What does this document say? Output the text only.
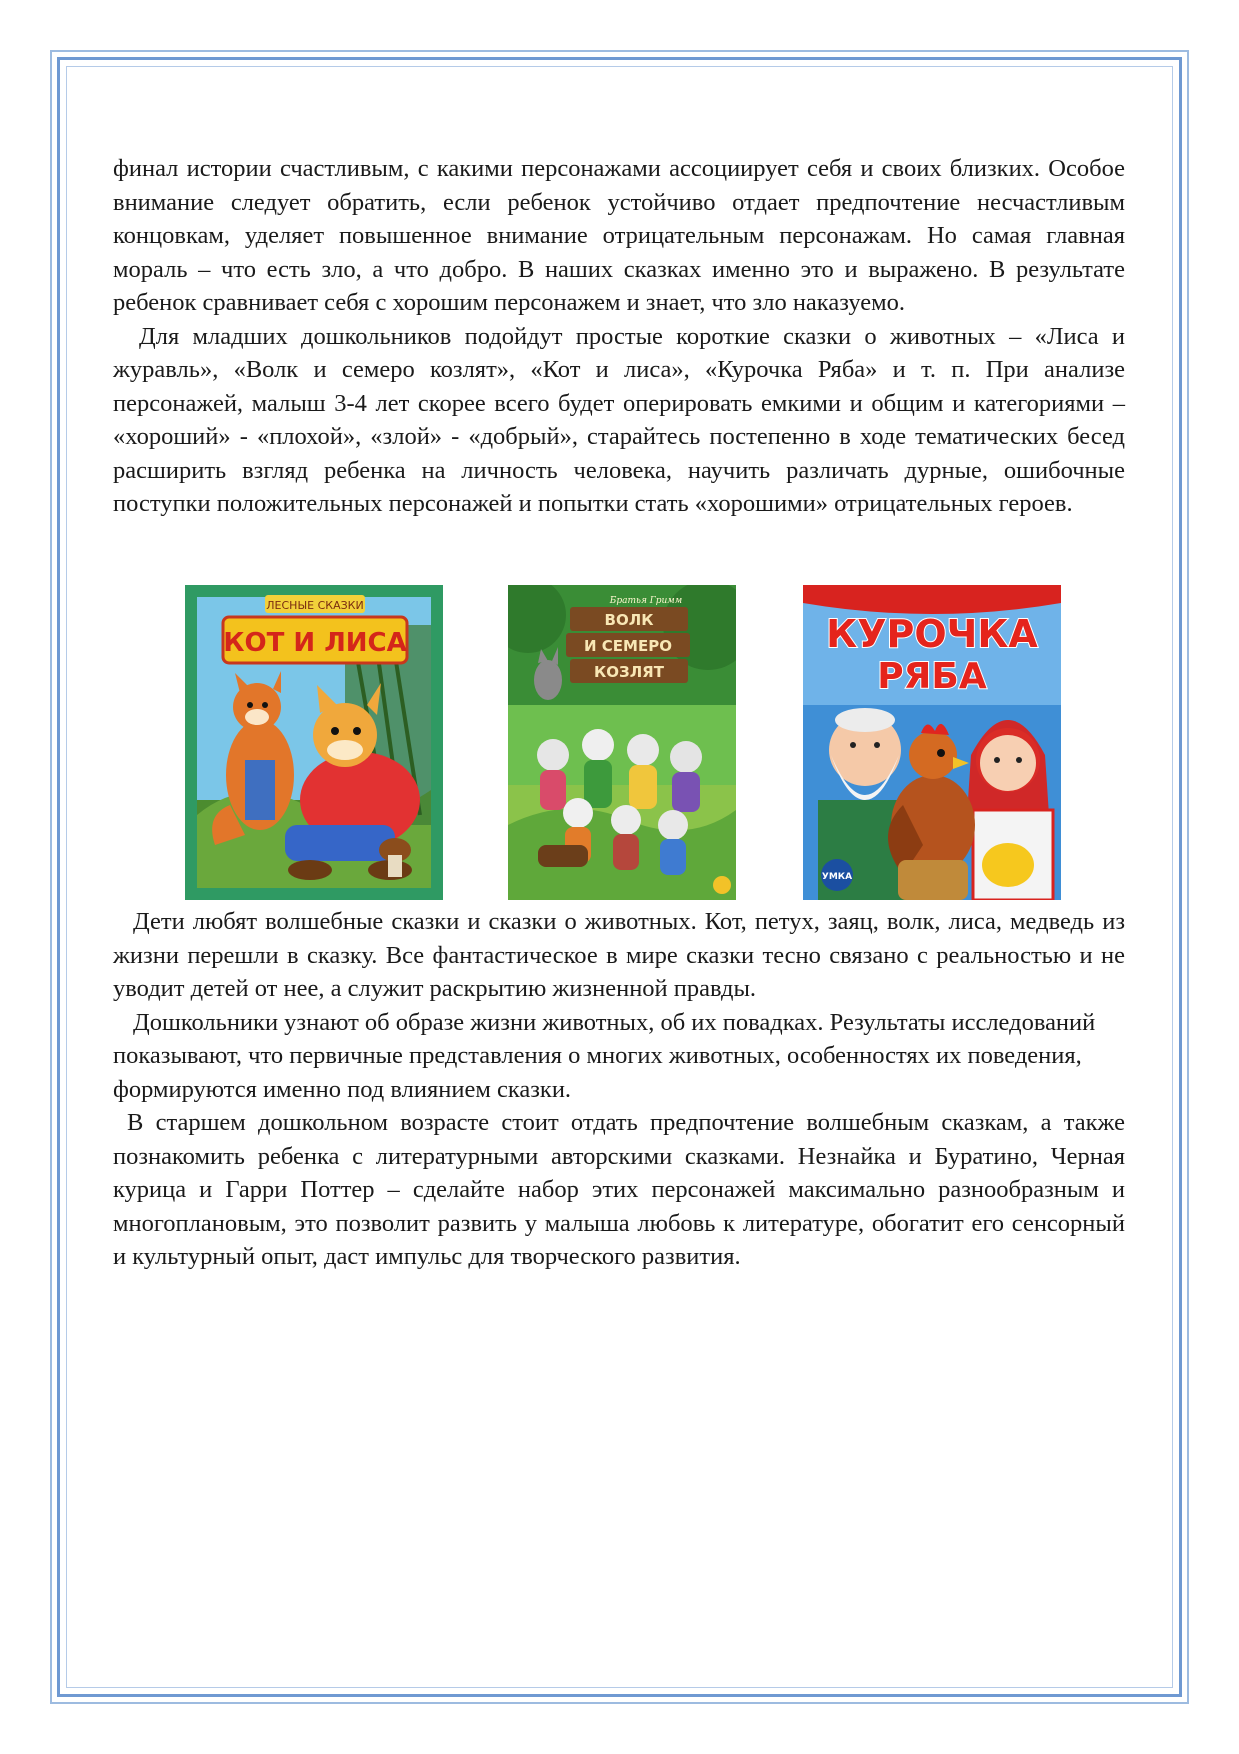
финал истории счастливым, с какими персонажами ассоциирует себя и своих близких. Особое внимание следует обратить, если ребенок устойчиво отдает предпочтение несчастливым концовкам, уделяет повышенное внимание отрицательным персонажам. Но самая главная мораль – что есть зло, а что добро. В наших сказках именно это и выражено. В результате ребенок сравнивает себя с хорошим персонажем и знает, что зло наказуемо.

Для младших дошкольников подойдут простые короткие сказки о животных – «Лиса и журавль», «Волк и семеро козлят», «Кот и лиса», «Курочка Ряба» и т. п. При анализе персонажей, малыш 3-4 лет скорее всего будет оперировать емкими и общим и категориями – «хороший» - «плохой», «злой» - «добрый», старайтесь постепенно в ходе тематических бесед расширить взгляд ребенка на личность человека, научить различать дурные, ошибочные поступки положительных персонажей и попытки стать «хорошими» отрицательных героев.

ЛЕСНЫЕ СКАЗКИ
КОТ И ЛИСА
Братья Гримм
ВОЛК
И СЕМЕРО
КОЗЛЯТ
КУРОЧКА
РЯБА
УМКА

Дети любят волшебные сказки и сказки о животных. Кот, петух, заяц, волк, лиса, медведь из жизни перешли в сказку. Все фантастическое в мире сказки тесно связано с реальностью и не уводит детей от нее, а служит раскрытию жизненной правды.

Дошкольники узнают об образе жизни животных, об их повадках. Результаты исследований показывают, что первичные представления о многих животных, особенностях их поведения, формируются именно под влиянием сказки.

В старшем дошкольном возрасте стоит отдать предпочтение волшебным сказкам, а также познакомить ребенка с литературными авторскими сказками. Незнайка и Буратино, Черная курица и Гарри Поттер – сделайте набор этих персонажей максимально разнообразным и многоплановым, это позволит развить у малыша любовь к литературе, обогатит его сенсорный и культурный опыт, даст импульс для творческого развития.
